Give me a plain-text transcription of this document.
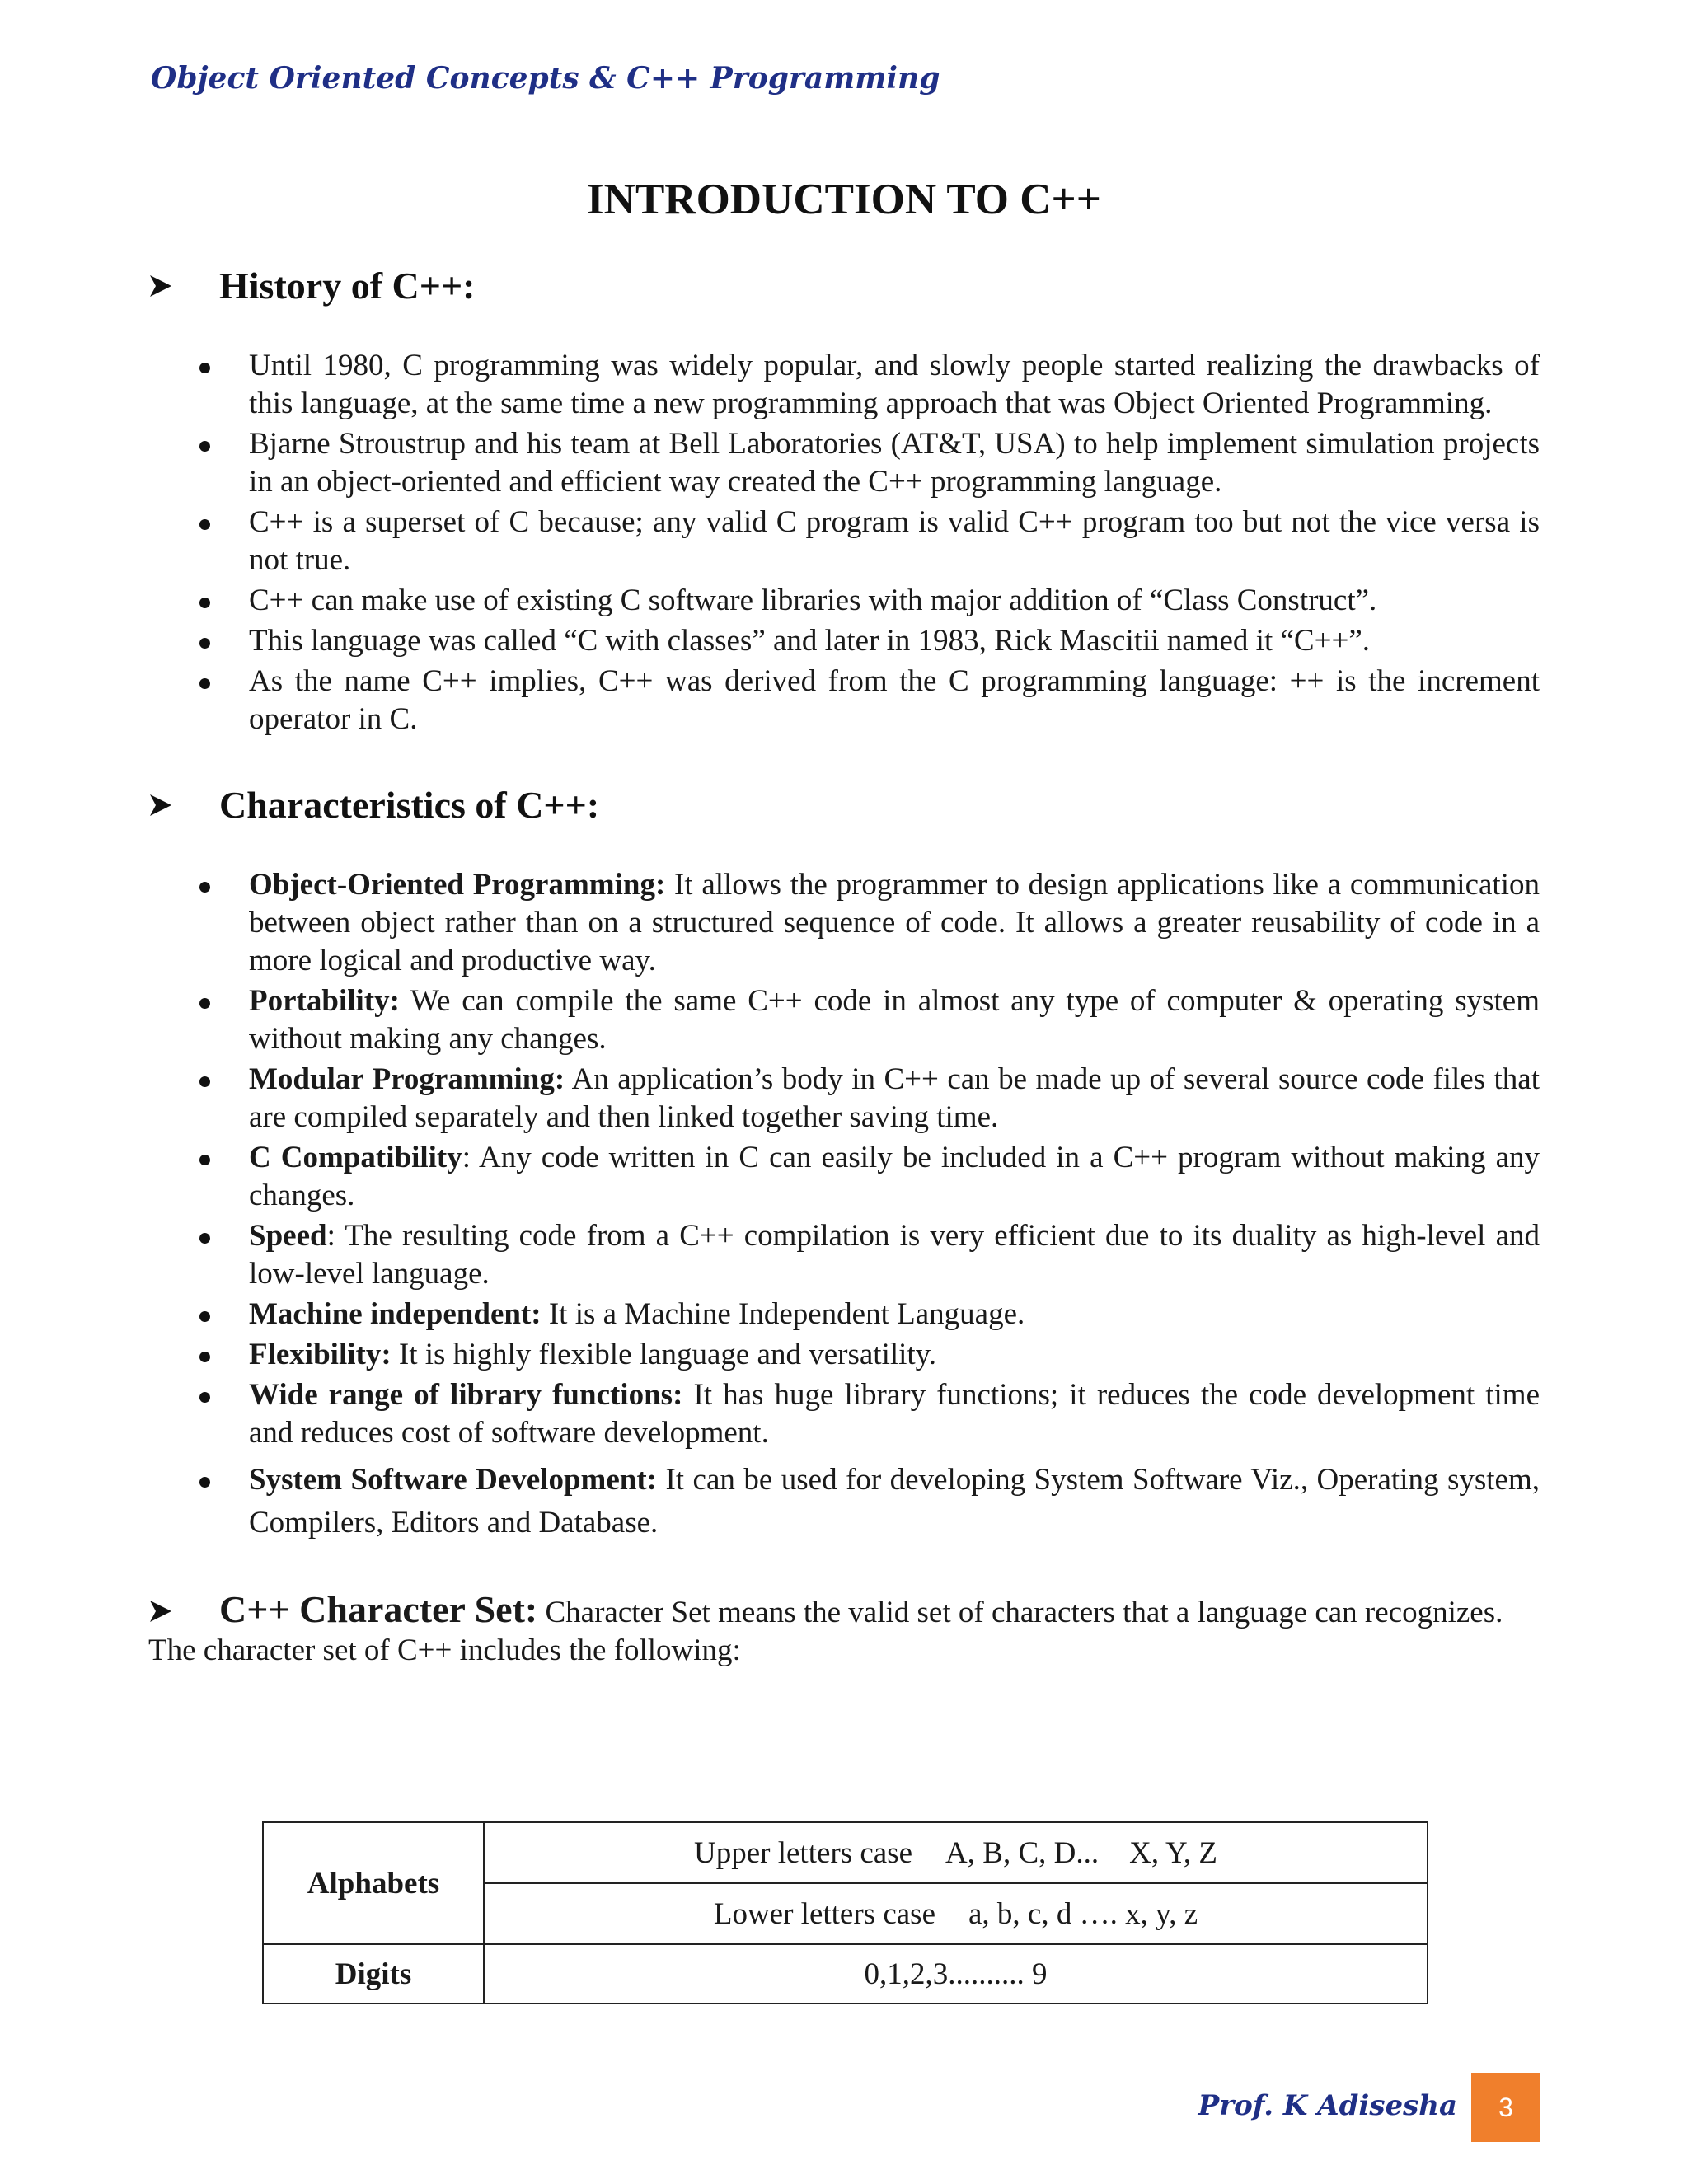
Object Oriented Concepts & C++ Programming
INTRODUCTION TO C++
History of C++:
Until 1980, C programming was widely popular, and slowly people started realizing the drawbacks of this language, at the same time a new programming approach that was Object Oriented Programming.
Bjarne Stroustrup and his team at Bell Laboratories (AT&T, USA) to help implement simulation projects in an object-oriented and efficient way created the C++ programming language.
C++ is a superset of C because; any valid C program is valid C++ program too but not the vice versa is not true.
C++ can make use of existing C software libraries with major addition of “Class Construct”.
This language was called “C with classes” and later in 1983, Rick Mascitii named it “C++”.
As the name C++ implies, C++ was derived from the C programming language: ++ is the increment operator in C.
Characteristics of C++:
Object-Oriented Programming: It allows the programmer to design applications like a communication between object rather than on a structured sequence of code. It allows a greater reusability of code in a more logical and productive way.
Portability: We can compile the same C++ code in almost any type of computer & operating system without making any changes.
Modular Programming: An application’s body in C++ can be made up of several source code files that are compiled separately and then linked together saving time.
C Compatibility: Any code written in C can easily be included in a C++ program without making any changes.
Speed: The resulting code from a C++ compilation is very efficient due to its duality as high-level and low-level language.
Machine independent: It is a Machine Independent Language.
Flexibility: It is highly flexible language and versatility.
Wide range of library functions: It has huge library functions; it reduces the code development time and reduces cost of software development.
System Software Development: It can be used for developing System Software Viz., Operating system, Compilers, Editors and Database.
C++ Character Set: Character Set means the valid set of characters that a language can recognizes. The character set of C++ includes the following:
Alphabets	Upper letters case A, B, C, D...    X, Y, Z

	Lower letters case a, b, c, d …. x, y, z

Digits	0,1,2,3.......... 9
Prof. K Adisesha	3
